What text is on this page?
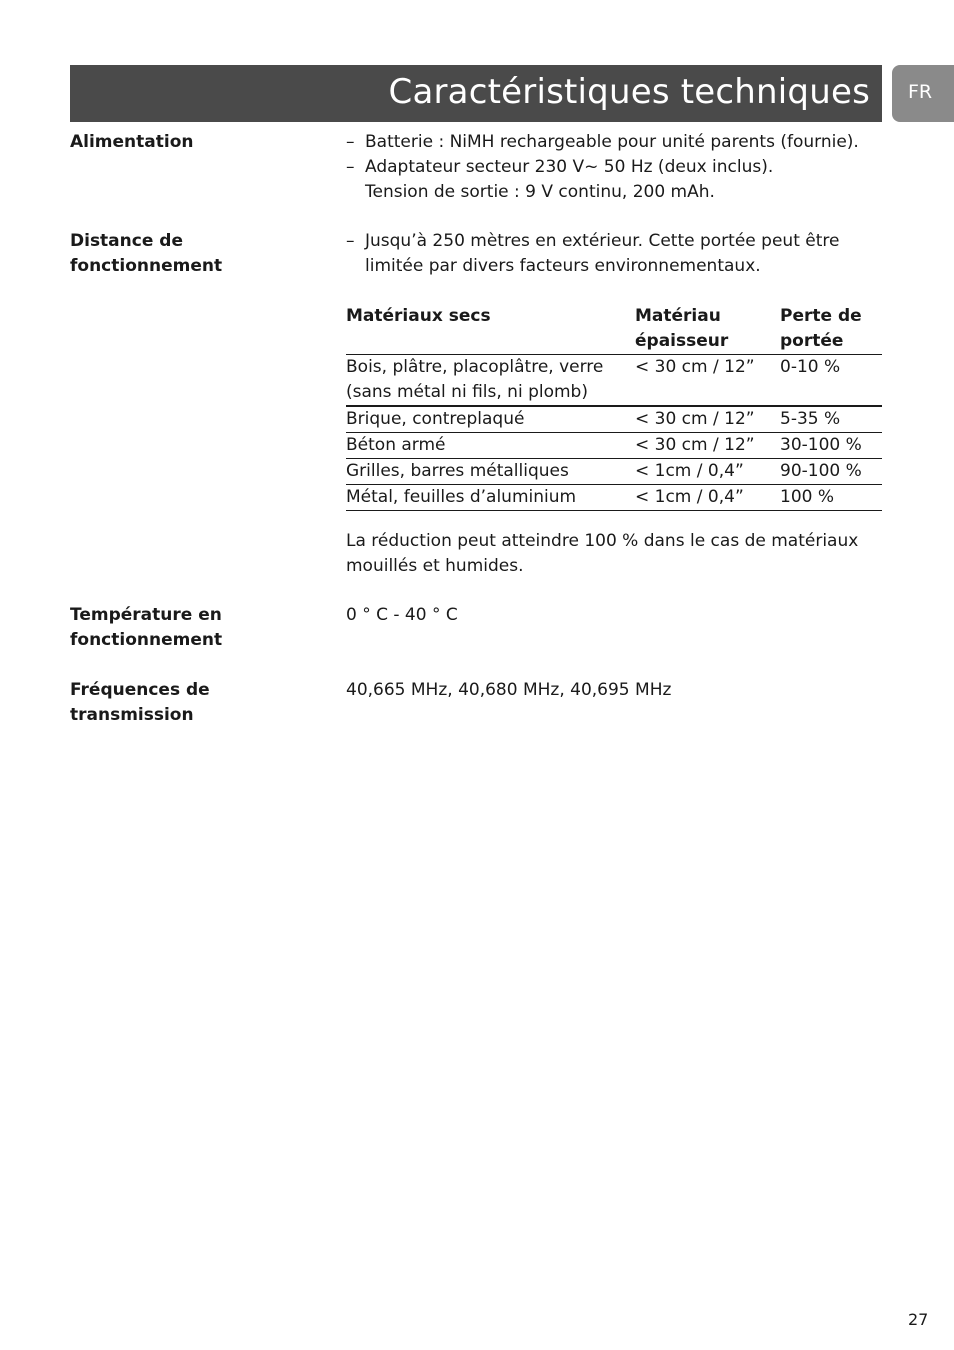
Caractéristiques techniques FR
Alimentation	– Batterie : NiMH rechargeable pour unité parents (fournie).
– Adaptateur secteur 230 V~ 50 Hz (deux inclus).
Tension de sortie : 9 V continu, 200 mAh.
Distance de
fonctionnement
– Jusqu’à 250 mètres en extérieur. Cette portée peut être limitée par divers facteurs environnementaux.
Matériaux secs	Matériau épaisseur	Perte de portée
Bois, plâtre, placoplâtre, verre (sans métal ni fils, ni plomb)	< 30 cm / 12”	0-10 %
Brique, contreplaqué	< 30 cm / 12”	5-35 %
Béton armé	< 30 cm / 12”	30-100 %
Grilles, barres métalliques	< 1cm / 0,4”	90-100 %
Métal, feuilles d’aluminium	< 1cm / 0,4”	100 %
La réduction peut atteindre 100 % dans le cas de matériaux mouillés et humides.
Température en
fonctionnement
0 ° C - 40 ° C
Fréquences de
transmission
40,665 MHz, 40,680 MHz, 40,695 MHz
27
